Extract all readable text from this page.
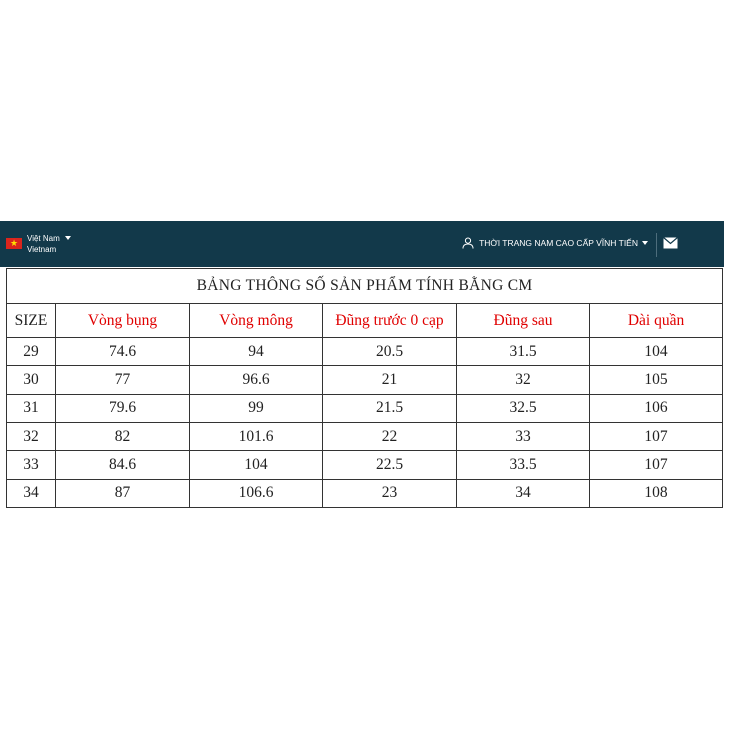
★
Việt Nam
Vietnam
THỜI TRANG NAM CAO CẤP VĨNH TIẾN
BẢNG THÔNG SỐ SẢN PHẨM TÍNH BẰNG CM					
SIZE	Vòng bụng	Vòng mông	Đũng trước 0 cạp	Đũng sau	Dài quần
29	74.6	94	20.5	31.5	104
30	77	96.6	21	32	105
31	79.6	99	21.5	32.5	106
32	82	101.6	22	33	107
33	84.6	104	22.5	33.5	107
34	87	106.6	23	34	108
